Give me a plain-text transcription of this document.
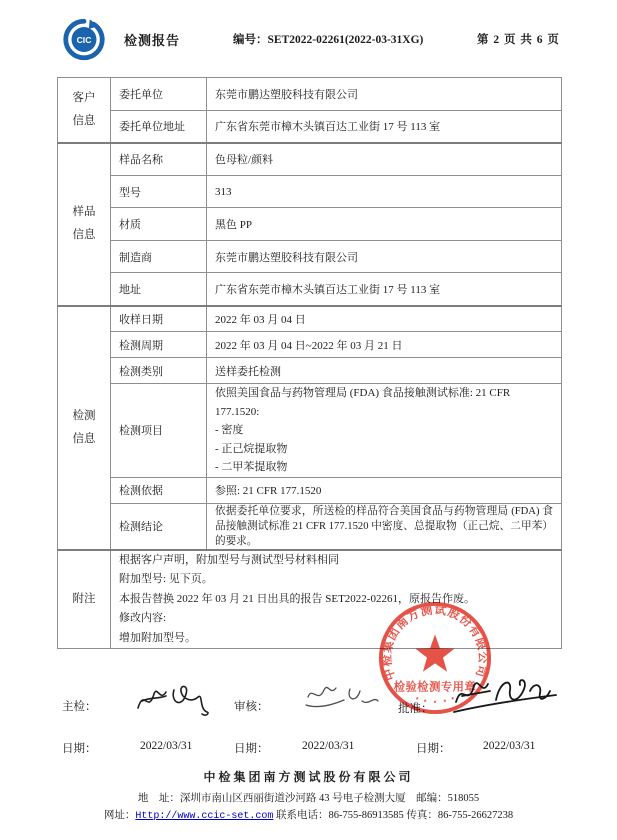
CIC	检测报告	编号：SET2022-02261(2022-03-31XG)	第 2 页 共 6 页
客户
信息	委托单位	东莞市鹏达塑胶科技有限公司
	委托单位地址	广东省东莞市樟木头镇百达工业街 17 号 113 室

样品
信息	样品名称	色母粒/颜料
	型号	313
	材质	黑色 PP
	制造商	东莞市鹏达塑胶科技有限公司
	地址	广东省东莞市樟木头镇百达工业街 17 号 113 室

检测
信息	收样日期	2022 年 03 月 04 日
	检测周期	2022 年 03 月 04 日~2022 年 03 月 21 日
	检测类别	送样委托检测
	检测项目	依照美国食品与药物管理局 (FDA) 食品接触测试标准: 21 CFR 177.1520:
- 密度
- 正己烷提取物
- 二甲苯提取物

	检测依据	参照: 21 CFR 177.1520
	检测结论	依据委托单位要求，所送检的样品符合美国食品与药物管理局 (FDA) 食品接触测试标准 21 CFR 177.1520 中密度、总提取物（正己烷、二甲苯）的要求。

附注	根据客户声明，附加型号与测试型号材料相同
附加型号: 见下页。
本报告替换 2022 年 03 月 21 日出具的报告 SET2022-02261，原报告作废。
修改内容:
增加附加型号。	
主检：	审核：	批准：
日期：	2022/03/31	日期：	2022/03/31	日期：	2022/03/31
中检集团南方测试股份有限公司
检验检测专用章
中检集团南方测试股份有限公司
地　址：深圳市南山区西丽街道沙河路 43 号电子检测大厦　邮编：518055
网址：Http://www.ccic-set.com 联系电话：86-755-86913585 传真：86-755-26627238
